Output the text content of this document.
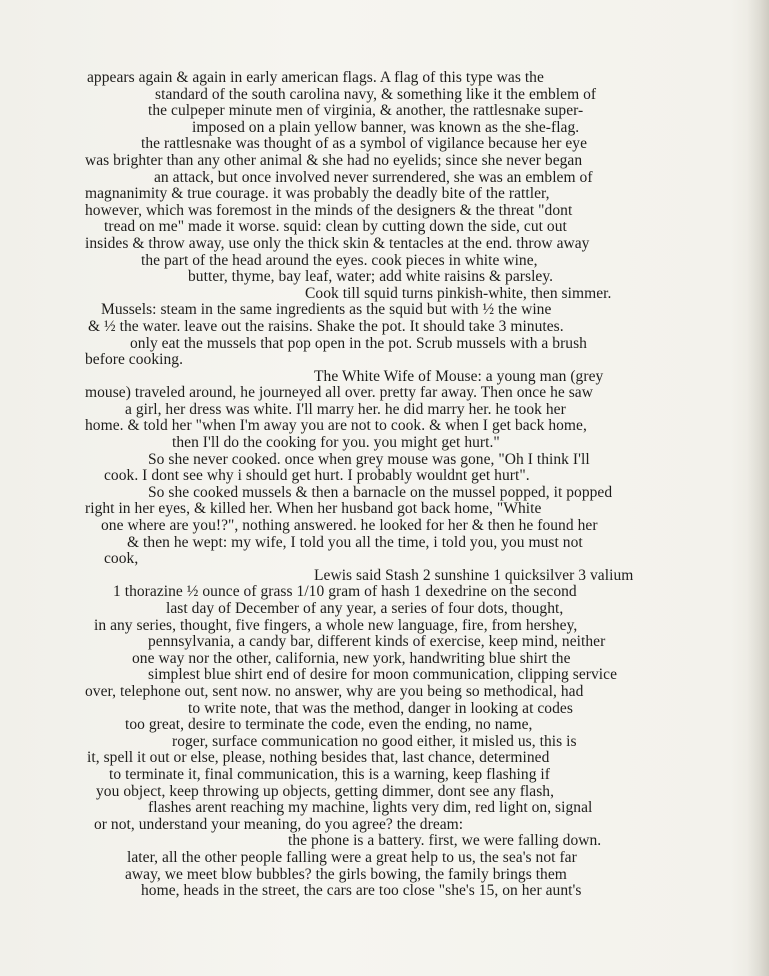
appears again & again in early american flags. A flag of this type was the
standard of the south carolina navy, & something like it the emblem of
the culpeper minute men of virginia, & another, the rattlesnake super-
imposed on a plain yellow banner, was known as the she-flag.
the rattlesnake was thought of as a symbol of vigilance because her eye
was brighter than any other animal & she had no eyelids; since she never began
an attack, but once involved never surrendered, she was an emblem of
magnanimity & true courage. it was probably the deadly bite of the rattler,
however, which was foremost in the minds of the designers & the threat "dont
tread on me" made it worse. squid: clean by cutting down the side, cut out
insides & throw away, use only the thick skin & tentacles at the end. throw away
the part of the head around the eyes. cook pieces in white wine,
butter, thyme, bay leaf, water; add white raisins & parsley.
Cook till squid turns pinkish-white, then simmer.
Mussels: steam in the same ingredients as the squid but with ½ the wine
& ½ the water. leave out the raisins. Shake the pot. It should take 3 minutes.
only eat the mussels that pop open in the pot. Scrub mussels with a brush
before cooking.
The White Wife of Mouse: a young man (grey
mouse) traveled around, he journeyed all over. pretty far away. Then once he saw
a girl, her dress was white. I'll marry her. he did marry her. he took her
home. & told her "when I'm away you are not to cook. & when I get back home,
then I'll do the cooking for you. you might get hurt."
So she never cooked. once when grey mouse was gone, "Oh I think I'll
cook. I dont see why i should get hurt. I probably wouldnt get hurt".
So she cooked mussels & then a barnacle on the mussel popped, it popped
right in her eyes, & killed her. When her husband got back home, "White
one where are you!?", nothing answered. he looked for her & then he found her
& then he wept: my wife, I told you all the time, i told you, you must not
cook,
Lewis said Stash 2 sunshine 1 quicksilver 3 valium
1 thorazine ½ ounce of grass 1/10 gram of hash 1 dexedrine on the second
last day of December of any year, a series of four dots, thought,
in any series, thought, five fingers, a whole new language, fire, from hershey,
pennsylvania, a candy bar, different kinds of exercise, keep mind, neither
one way nor the other, california, new york, handwriting blue shirt the
simplest blue shirt end of desire for moon communication, clipping service
over, telephone out, sent now. no answer, why are you being so methodical, had
to write note, that was the method, danger in looking at codes
too great, desire to terminate the code, even the ending, no name,
roger, surface communication no good either, it misled us, this is
it, spell it out or else, please, nothing besides that, last chance, determined
to terminate it, final communication, this is a warning, keep flashing if
you object, keep throwing up objects, getting dimmer, dont see any flash,
flashes arent reaching my machine, lights very dim, red light on, signal
or not, understand your meaning, do you agree? the dream:
the phone is a battery. first, we were falling down.
later, all the other people falling were a great help to us, the sea's not far
away, we meet blow bubbles? the girls bowing, the family brings them
home, heads in the street, the cars are too close "she's 15, on her aunt's
